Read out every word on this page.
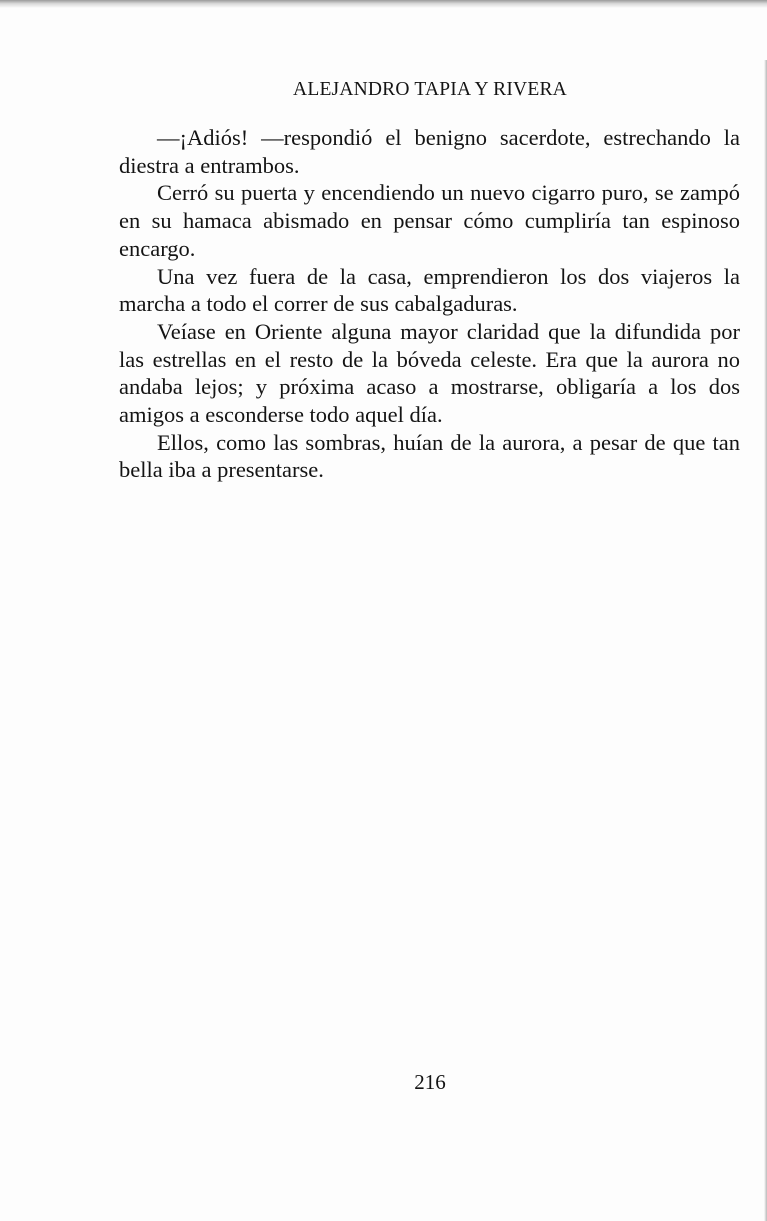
ALEJANDRO TAPIA Y RIVERA

—¡Adiós! —respondió el benigno sacerdote, estrechando la diestra a entrambos.

Cerró su puerta y encendiendo un nuevo cigarro puro, se zampó en su hamaca abismado en pensar cómo cumpliría tan espinoso encargo.

Una vez fuera de la casa, emprendieron los dos viajeros la marcha a todo el correr de sus cabalgaduras.

Veíase en Oriente alguna mayor claridad que la difundida por las estrellas en el resto de la bóveda celeste. Era que la aurora no andaba lejos; y próxima acaso a mostrarse, obligaría a los dos amigos a esconderse todo aquel día.

Ellos, como las sombras, huían de la aurora, a pesar de que tan bella iba a presentarse.

216
